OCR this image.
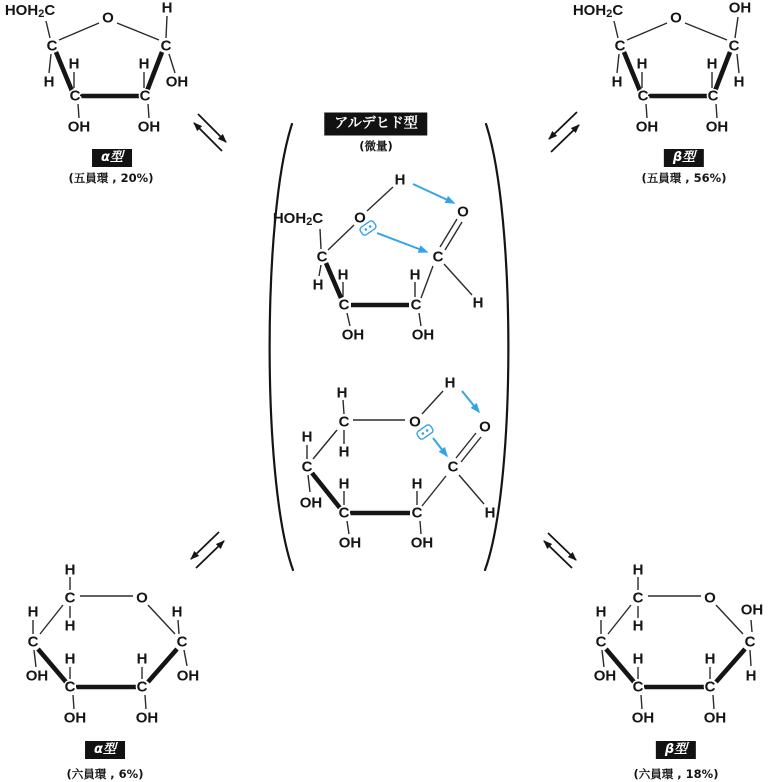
$HOH_2C$	O
C	C
H
H
H	H
C	C
OH	OH
OH
$HOH_2C$	O
C	C
OH
H
H	H
C	C
OH	OH
H
H
O
$HOH_2C$
C
H
H
C
OH
H
C
OH
C
O
H
H
C
H
O
H
O
C
H
C
H
OH
C
H
OH
C
H
OH
H
C
H
O
H
C
OH
C
H
OH
C
H
OH
C
H
OH
H
C
H
O
H
C
OH
C
OH
H
C
H
OH
C
H
OH
アルデヒド型
(微量)
α型
(五員環 , 20%)
β型
(五員環 , 56%)
α型
(六員環 , 6%)
β型
(六員環 , 18%)
